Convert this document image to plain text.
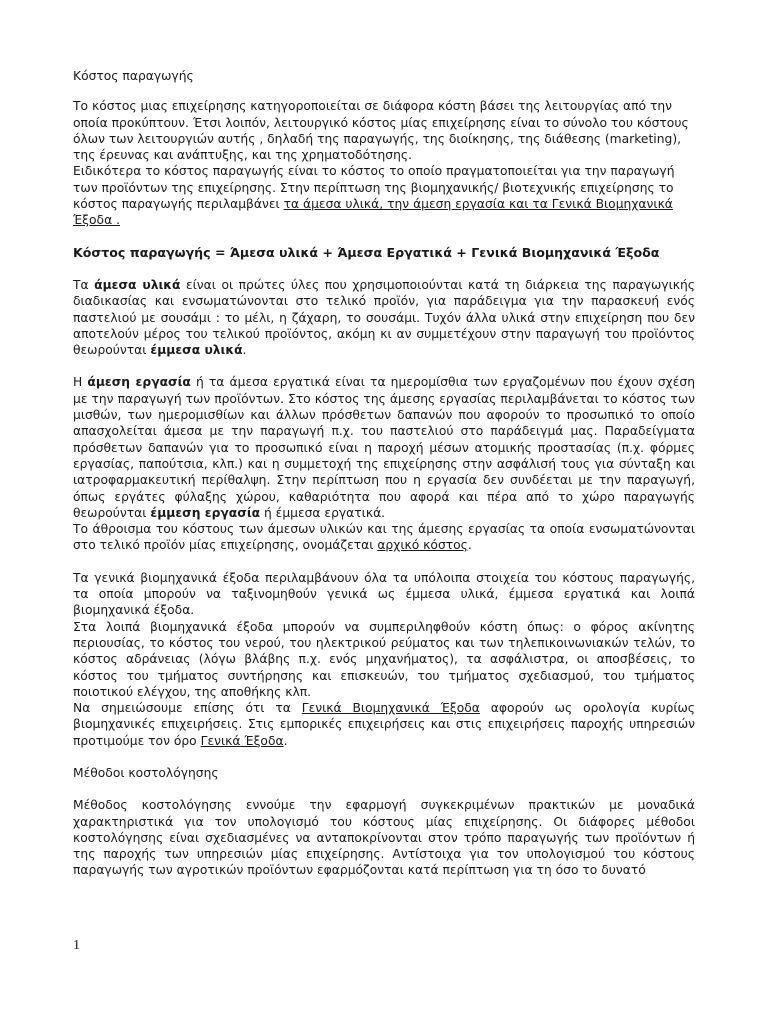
Κόστος παραγωγής

Το κόστος μιας επιχείρησης κατηγοροποιείται σε διάφορα κόστη βάσει της λειτουργίας από την οποία προκύπτουν. Έτσι λοιπόν, λειτουργικό κόστος μίας επιχείρησης είναι το σύνολο του κόστους όλων των λειτουργιών αυτής , δηλαδή της παραγωγής, της διοίκησης, της διάθεσης (marketing), της έρευνας και ανάπτυξης, και της χρηματοδότησης.
Ειδικότερα το κόστος παραγωγής είναι το κόστος το οποίο πραγματοποιείται για την παραγωγή των προϊόντων της επιχείρησης. Στην περίπτωση της βιομηχανικής/ βιοτεχνικής επιχείρησης το κόστος παραγωγής περιλαμβάνει τα άμεσα υλικά, την άμεση εργασία και τα Γενικά Βιομηχανικά Έξοδα .

Κόστος παραγωγής = Άμεσα υλικά + Άμεσα Εργατικά + Γενικά Βιομηχανικά Έξοδα

Τα άμεσα υλικά είναι οι πρώτες ύλες που χρησιμοποιούνται κατά τη διάρκεια της παραγωγικής διαδικασίας και ενσωματώνονται στο τελικό προϊόν, για παράδειγμα για την παρασκευή ενός παστελιού με σουσάμι : το μέλι, η ζάχαρη, το σουσάμι. Τυχόν άλλα υλικά στην επιχείρηση που δεν αποτελούν μέρος του τελικού προϊόντος, ακόμη κι αν συμμετέχουν στην παραγωγή του προϊόντος θεωρούνται έμμεσα υλικά.

Η άμεση εργασία ή τα άμεσα εργατικά είναι τα ημερομίσθια των εργαζομένων που έχουν σχέση με την παραγωγή των προϊόντων. Στο κόστος της άμεσης εργασίας περιλαμβάνεται το κόστος των μισθών, των ημερομισθίων και άλλων πρόσθετων δαπανών που αφορούν το προσωπικό το οποίο απασχολείται άμεσα με την παραγωγή π.χ. του παστελιού στο παράδειγμά μας. Παραδείγματα πρόσθετων δαπανών για το προσωπικό είναι η παροχή μέσων ατομικής προστασίας (π.χ. φόρμες εργασίας, παπούτσια, κλπ.) και η συμμετοχή της επιχείρησης στην ασφάλισή τους για σύνταξη και ιατροφαρμακευτική περίθαλψη. Στην περίπτωση που η εργασία δεν συνδέεται με την παραγωγή, όπως εργάτες φύλαξης χώρου, καθαριότητα που αφορά και πέρα από το χώρο παραγωγής θεωρούνται έμμεση εργασία ή έμμεσα εργατικά.

Το άθροισμα του κόστους των άμεσων υλικών και της άμεσης εργασίας τα οποία ενσωματώνονται στο τελικό προϊόν μίας επιχείρησης, ονομάζεται αρχικό κόστος.

Τα γενικά βιομηχανικά έξοδα περιλαμβάνουν όλα τα υπόλοιπα στοιχεία του κόστους παραγωγής, τα οποία μπορούν να ταξινομηθούν γενικά ως έμμεσα υλικά, έμμεσα εργατικά και λοιπά βιομηχανικά έξοδα.

Στα λοιπά βιομηχανικά έξοδα μπορούν να συμπεριληφθούν κόστη όπως: ο φόρος ακίνητης περιουσίας, το κόστος του νερού, του ηλεκτρικού ρεύματος και των τηλεπικοινωνιακών τελών, το κόστος αδράνειας (λόγω βλάβης π.χ. ενός μηχανήματος), τα ασφάλιστρα, οι αποσβέσεις, το κόστος του τμήματος συντήρησης και επισκευών, του τμήματος σχεδιασμού, του τμήματος ποιοτικού ελέγχου, της αποθήκης κλπ.

Να σημειώσουμε επίσης ότι τα Γενικά Βιομηχανικά Έξοδα αφορούν ως ορολογία κυρίως βιομηχανικές επιχειρήσεις. Στις εμπορικές επιχειρήσεις και στις επιχειρήσεις παροχής υπηρεσιών προτιμούμε τον όρο Γενικά Έξοδα.

Μέθοδοι κοστολόγησης

Μέθοδος κοστολόγησης εννούμε την εφαρμογή συγκεκριμένων πρακτικών με μοναδικά χαρακτηριστικά για τον υπολογισμό του κόστους μίας επιχείρησης. Οι διάφορες μέθοδοι κοστολόγησης είναι σχεδιασμένες να ανταποκρίνονται στον τρόπο παραγωγής των προϊόντων ή της παροχής των υπηρεσιών μίας επιχείρησης. Αντίστοιχα για τον υπολογισμού του κόστους παραγωγής των αγροτικών προϊόντων εφαρμόζονται κατά περίπτωση για τη όσο το δυνατό

1
